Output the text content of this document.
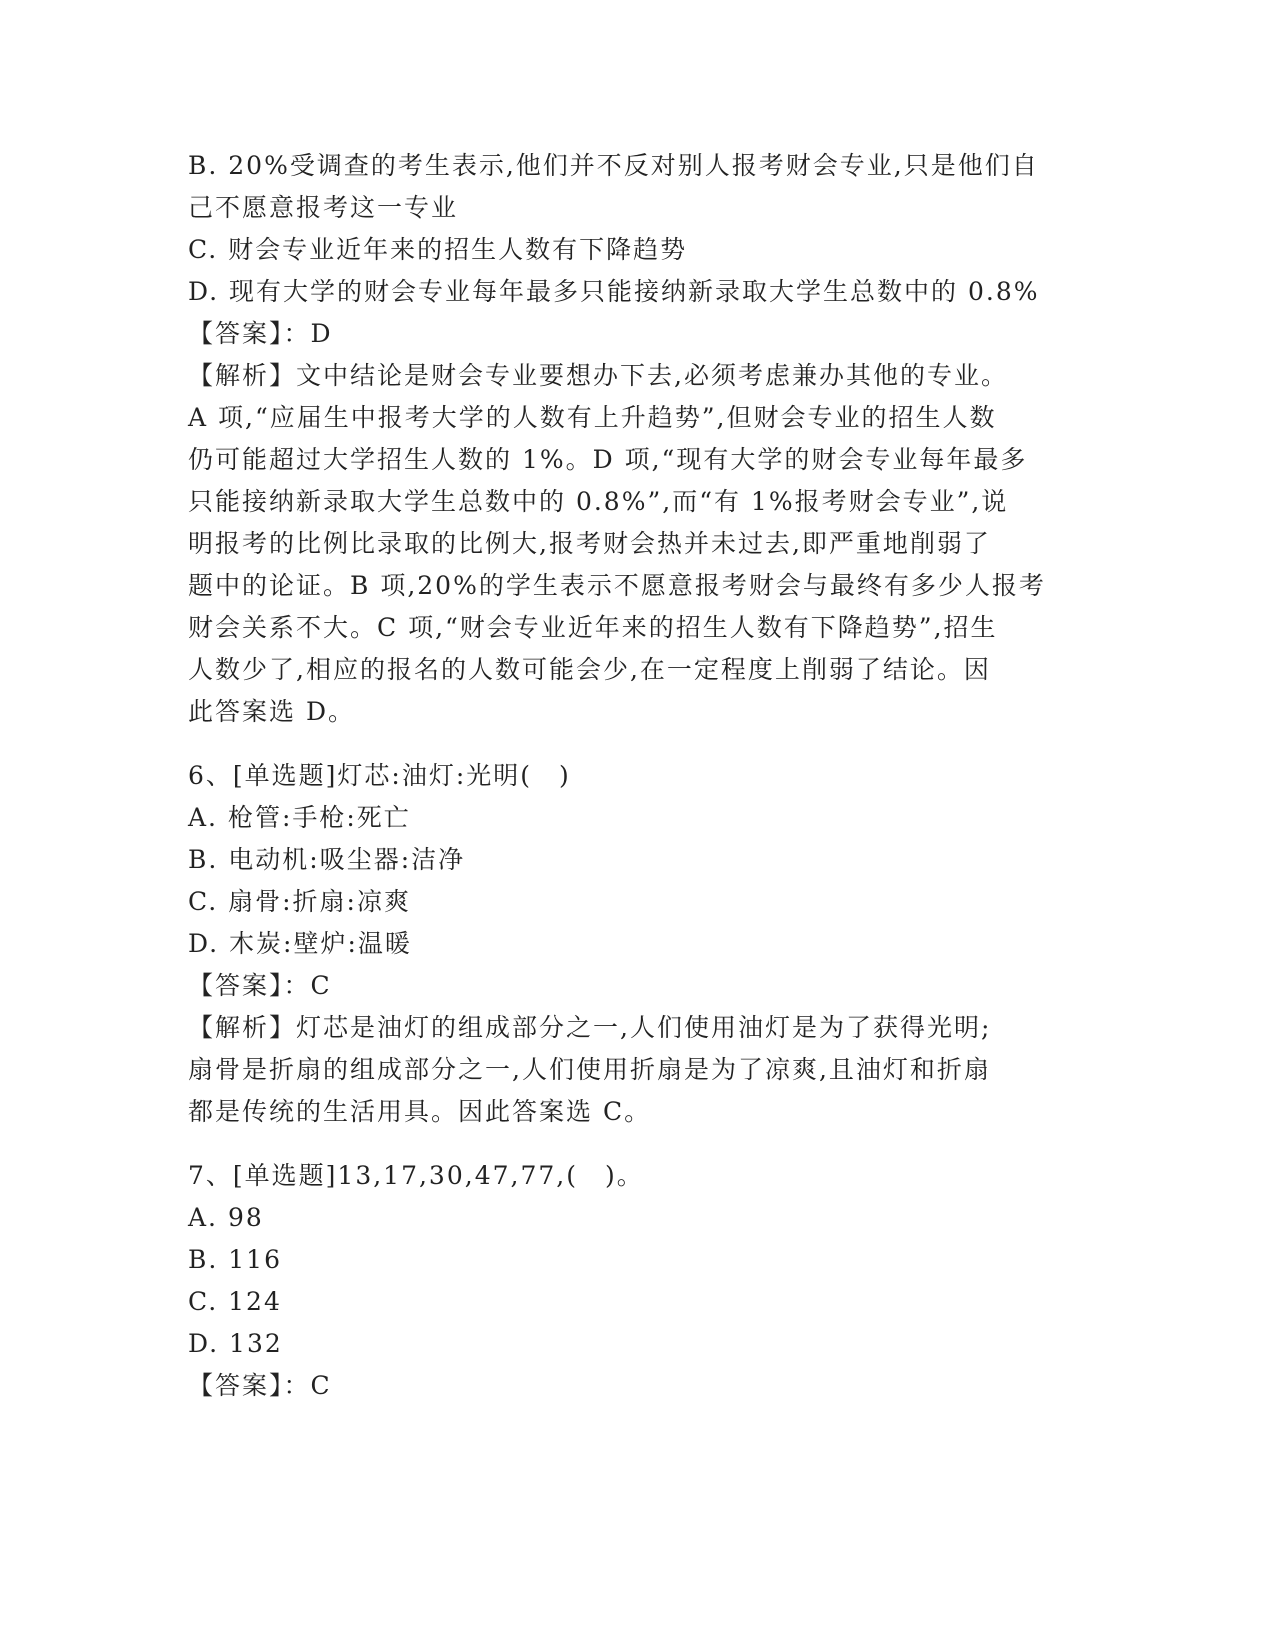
B. 20%受调查的考生表示,他们并不反对别人报考财会专业,只是他们自

己不愿意报考这一专业

C. 财会专业近年来的招生人数有下降趋势

D. 现有大学的财会专业每年最多只能接纳新录取大学生总数中的 0.8%

【答案】：D

【解析】文中结论是财会专业要想办下去,必须考虑兼办其他的专业。

A 项,“应届生中报考大学的人数有上升趋势”,但财会专业的招生人数

仍可能超过大学招生人数的 1%。D 项,“现有大学的财会专业每年最多

只能接纳新录取大学生总数中的 0.8%”,而“有 1%报考财会专业”,说

明报考的比例比录取的比例大,报考财会热并未过去,即严重地削弱了

题中的论证。B 项,20%的学生表示不愿意报考财会与最终有多少人报考

财会关系不大。C 项,“财会专业近年来的招生人数有下降趋势”,招生

人数少了,相应的报名的人数可能会少,在一定程度上削弱了结论。因

此答案选 D。

6、[单选题]灯芯:油灯:光明(　)

A. 枪管:手枪:死亡

B. 电动机:吸尘器:洁净

C. 扇骨:折扇:凉爽

D. 木炭:壁炉:温暖

【答案】：C

【解析】灯芯是油灯的组成部分之一,人们使用油灯是为了获得光明;

扇骨是折扇的组成部分之一,人们使用折扇是为了凉爽,且油灯和折扇

都是传统的生活用具。因此答案选 C。

7、[单选题]13,17,30,47,77,(　)。

A. 98

B. 116

C. 124

D. 132

【答案】：C
